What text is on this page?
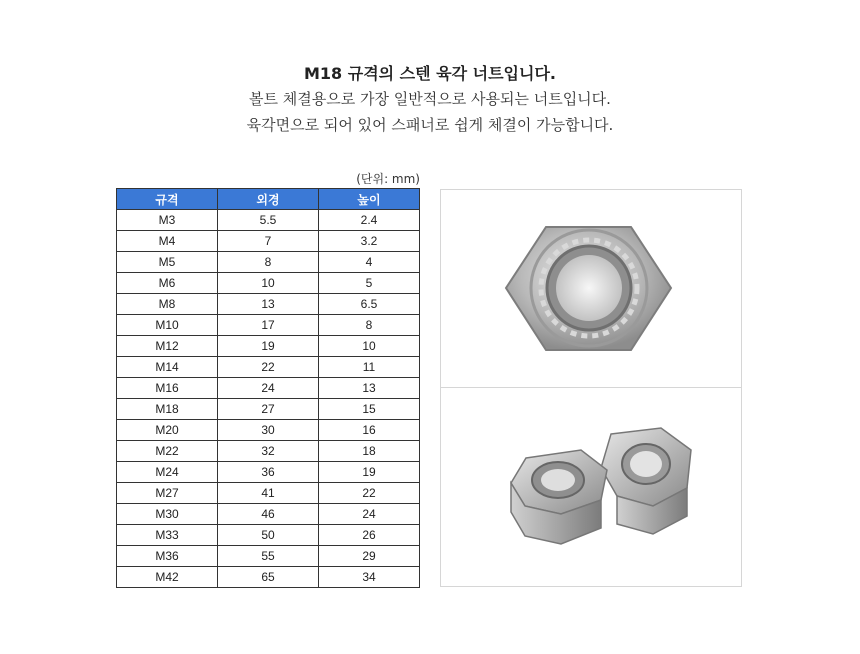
M18 규격의 스텐 육각 너트입니다.
볼트 체결용으로 가장 일반적으로 사용되는 너트입니다.
육각면으로 되어 있어 스패너로 쉽게 체결이 가능합니다.
(단위: mm)
규격	외경	높이
M3	5.5	2.4
M4	7	3.2
M5	8	4
M6	10	5
M8	13	6.5
M10	17	8
M12	19	10
M14	22	11
M16	24	13
M18	27	15
M20	30	16
M22	32	18
M24	36	19
M27	41	22
M30	46	24
M33	50	26
M36	55	29
M42	65	34
